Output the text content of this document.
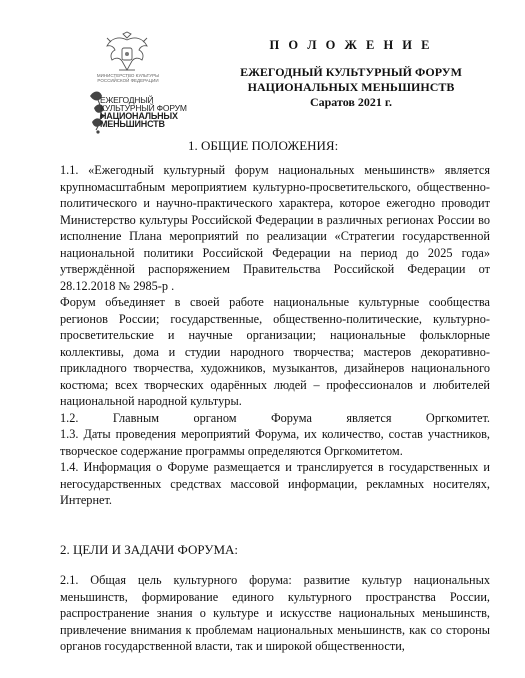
МИНИСТЕРСТВО КУЛЬТУРЫ РОССИЙСКОЙ ФЕДЕРАЦИИ
ЕЖЕГОДНЫЙ
КУЛЬТУРНЫЙ ФОРУМ
НАЦИОНАЛЬНЫХ
МЕНЬШИНСТВ
П О Л О Ж Е Н И Е
ЕЖЕГОДНЫЙ КУЛЬТУРНЫЙ ФОРУМ
НАЦИОНАЛЬНЫХ МЕНЬШИНСТВ
Саратов 2021 г.
1. ОБЩИЕ ПОЛОЖЕНИЯ:

1.1. «Ежегодный культурный форум национальных меньшинств» является крупномасштабным мероприятием культурно-просветительского, общественно-политического и научно-практического характера, которое ежегодно проводит Министерство культуры Российской Федерации в различных регионах России во исполнение Плана мероприятий по реализации «Стратегии государственной национальной политики Российской Федерации на период до 2025 года» утверждённой распоряжением Правительства Российской Федерации от 28.12.2018 № 2985-р .

Форум объединяет в своей работе национальные культурные сообщества регионов России; государственные, общественно-политические, культурно-просветительские и научные организации; национальные фольклорные коллективы, дома и студии народного творчества; мастеров декоративно-прикладного творчества, художников, музыкантов, дизайнеров национального костюма; всех творческих одарённых людей – профессионалов и любителей национальной народной культуры.

1.2. Главным органом Форума является Оргкомитет.

1.3. Даты проведения мероприятий Форума, их количество, состав участников, творческое содержание программы определяются Оргкомитетом.

1.4. Информация о Форуме размещается и транслируется в государственных и негосударственных средствах массовой информации, рекламных носителях, Интернет.

2. ЦЕЛИ И ЗАДАЧИ ФОРУМА:

2.1. Общая цель культурного форума: развитие культур национальных меньшинств, формирование единого культурного пространства России, распространение знания о культуре и искусстве национальных меньшинств, привлечение внимания к проблемам национальных меньшинств, как со стороны органов государственной власти, так и широкой общественности,
